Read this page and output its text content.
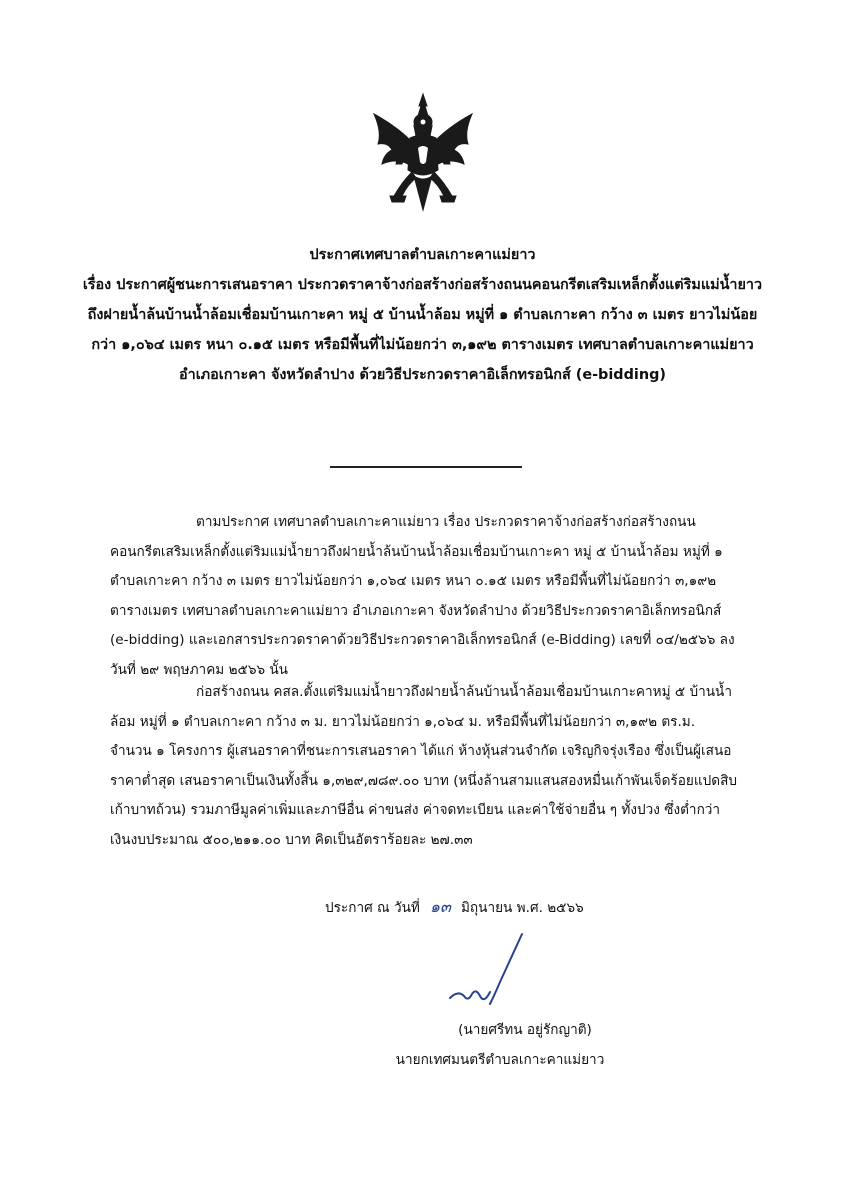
ประกาศเทศบาลตำบลเกาะคาแม่ยาว
เรื่อง ประกาศผู้ชนะการเสนอราคา ประกวดราคาจ้างก่อสร้างก่อสร้างถนนคอนกรีตเสริมเหล็กตั้งแต่ริมแม่น้ำยาวถึงฝายน้ำล้นบ้านน้ำล้อมเชื่อมบ้านเกาะคา หมู่ ๕ บ้านน้ำล้อม หมู่ที่ ๑ ตำบลเกาะคา กว้าง ๓ เมตร ยาวไม่น้อยกว่า ๑,๐๖๔ เมตร หนา ๐.๑๕ เมตร หรือมีพื้นที่ไม่น้อยกว่า ๓,๑๙๒ ตารางเมตร เทศบาลตำบลเกาะคาแม่ยาว อำเภอเกาะคา จังหวัดลำปาง ด้วยวิธีประกวดราคาอิเล็กทรอนิกส์ (e-bidding)
ตามประกาศ เทศบาลตำบลเกาะคาแม่ยาว เรื่อง ประกวดราคาจ้างก่อสร้างก่อสร้างถนนคอนกรีตเสริมเหล็กตั้งแต่ริมแม่น้ำยาวถึงฝายน้ำล้นบ้านน้ำล้อมเชื่อมบ้านเกาะคา หมู่ ๕ บ้านน้ำล้อม หมู่ที่ ๑ ตำบลเกาะคา กว้าง ๓ เมตร ยาวไม่น้อยกว่า ๑,๐๖๔ เมตร หนา ๐.๑๕ เมตร หรือมีพื้นที่ไม่น้อยกว่า ๓,๑๙๒ ตารางเมตร เทศบาลตำบลเกาะคาแม่ยาว อำเภอเกาะคา จังหวัดลำปาง ด้วยวิธีประกวดราคาอิเล็กทรอนิกส์ (e-bidding) และเอกสารประกวดราคาด้วยวิธีประกวดราคาอิเล็กทรอนิกส์ (e-Bidding) เลขที่ ๐๔/๒๕๖๖ ลงวันที่ ๒๙ พฤษภาคม ๒๕๖๖ นั้น
ก่อสร้างถนน คสล.ตั้งแต่ริมแม่น้ำยาวถึงฝายน้ำล้นบ้านน้ำล้อมเชื่อมบ้านเกาะคาหมู่ ๕ บ้านน้ำล้อม หมู่ที่ ๑ ตำบลเกาะคา กว้าง ๓ ม. ยาวไม่น้อยกว่า ๑,๐๖๔ ม. หรือมีพื้นที่ไม่น้อยกว่า ๓,๑๙๒ ตร.ม. จำนวน ๑ โครงการ ผู้เสนอราคาที่ชนะการเสนอราคา ได้แก่ ห้างหุ้นส่วนจำกัด เจริญกิจรุ่งเรือง ซึ่งเป็นผู้เสนอราคาต่ำสุด เสนอราคาเป็นเงินทั้งสิ้น ๑,๓๒๙,๗๘๙.๐๐ บาท (หนึ่งล้านสามแสนสองหมื่นเก้าพันเจ็ดร้อยแปดสิบเก้าบาทถ้วน) รวมภาษีมูลค่าเพิ่มและภาษีอื่น ค่าขนส่ง ค่าจดทะเบียน และค่าใช้จ่ายอื่น ๆ ทั้งปวง ซึ่งต่ำกว่าเงินงบประมาณ ๕๐๐,๒๑๑.๐๐ บาท คิดเป็นอัตราร้อยละ ๒๗.๓๓
ประกาศ ณ วันที่ ๑๓ มิถุนายน พ.ศ. ๒๕๖๖
(นายศรีทน อยู่รักญาติ)
นายกเทศมนตรีตำบลเกาะคาแม่ยาว
